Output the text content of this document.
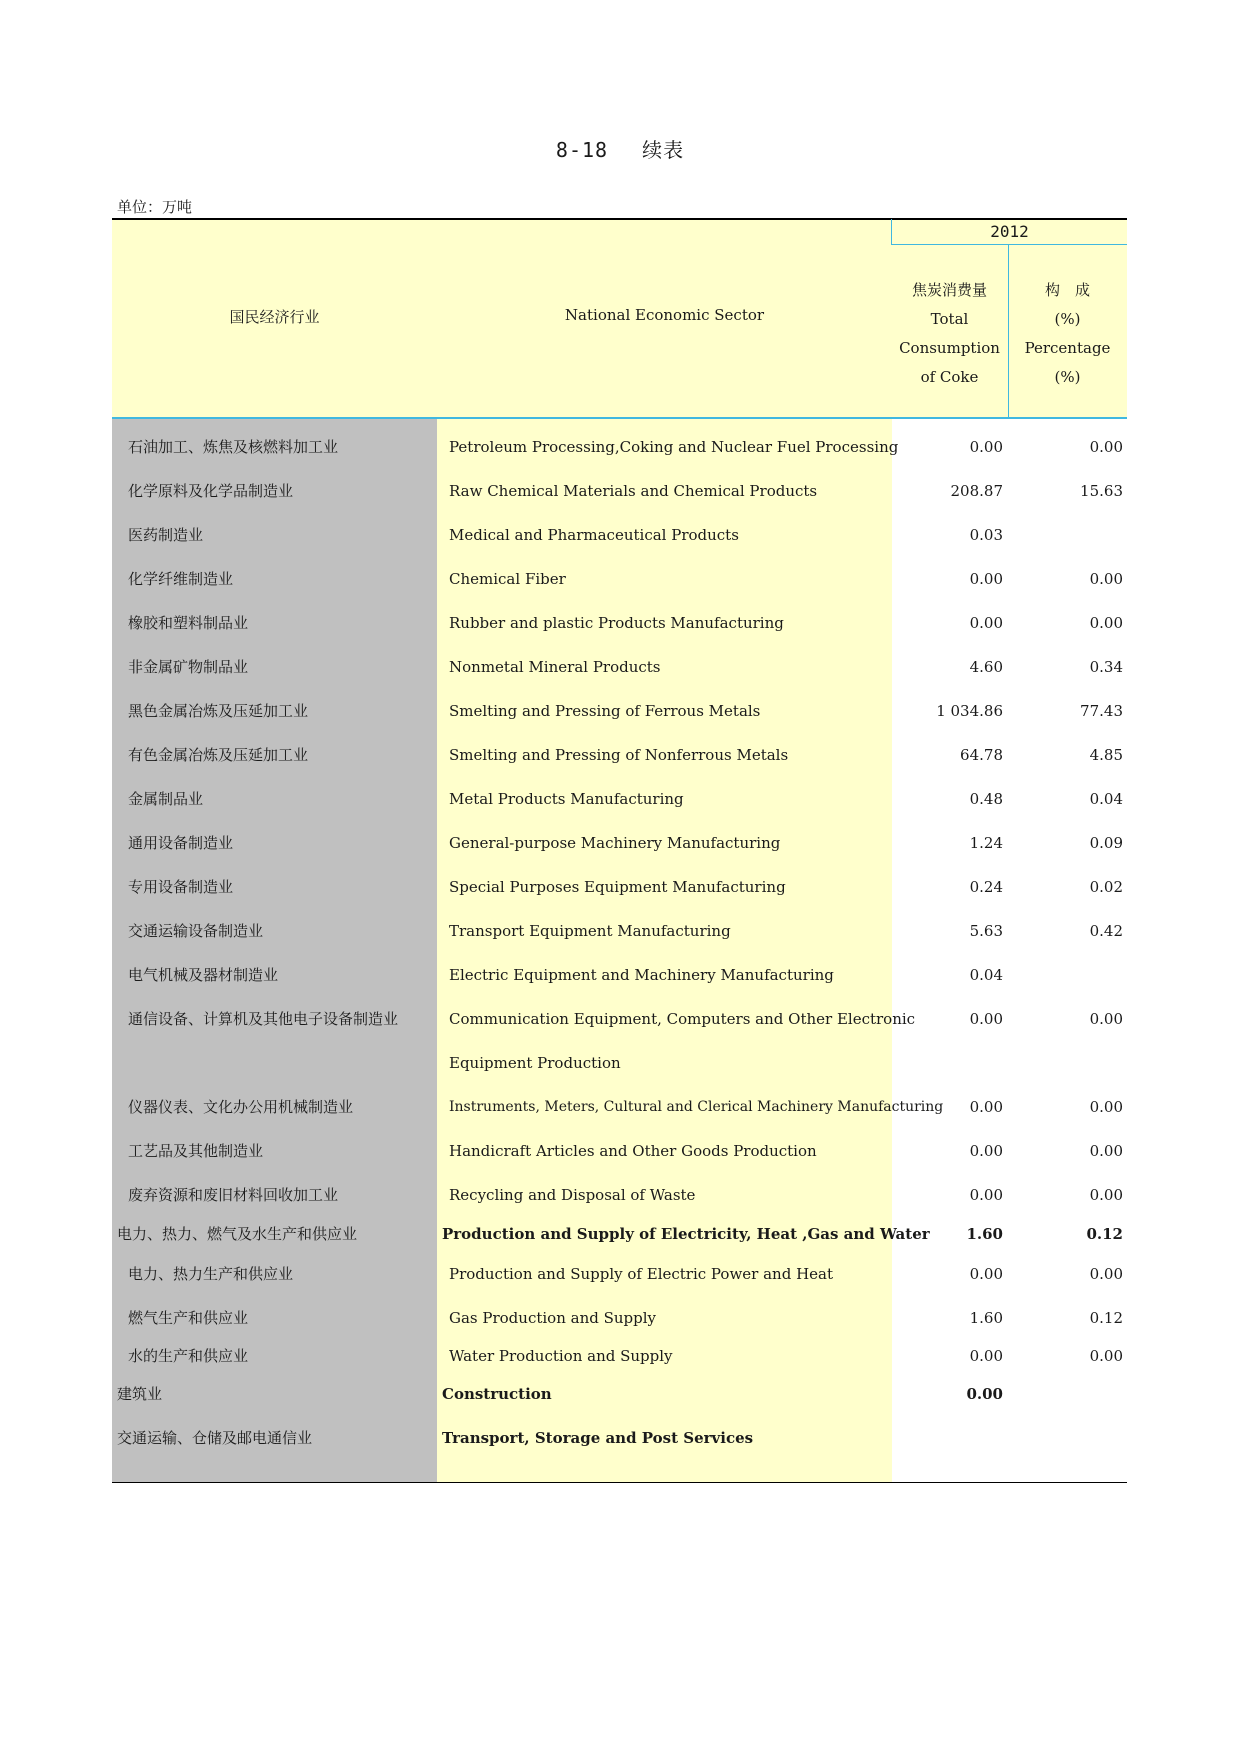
8-18 续表
单位：万吨
2012
国民经济行业	National Economic Sector
焦炭消费量
Total
Consumption
of Coke
构　成
(%)
Percentage
(%)
石油加工、炼焦及核燃料加工业	Petroleum Processing,Coking and Nuclear Fuel Processing	0.00	0.00
化学原料及化学品制造业	Raw Chemical Materials and Chemical Products	208.87	15.63
医药制造业	Medical and Pharmaceutical Products	0.03
化学纤维制造业	Chemical Fiber	0.00	0.00
橡胶和塑料制品业	Rubber and plastic Products Manufacturing	0.00	0.00
非金属矿物制品业	Nonmetal Mineral Products	4.60	0.34
黑色金属冶炼及压延加工业	Smelting and Pressing of Ferrous Metals	1 034.86	77.43
有色金属冶炼及压延加工业	Smelting and Pressing of Nonferrous Metals	64.78	4.85
金属制品业	Metal Products Manufacturing	0.48	0.04
通用设备制造业	General-purpose Machinery Manufacturing	1.24	0.09
专用设备制造业	Special Purposes Equipment Manufacturing	0.24	0.02
交通运输设备制造业	Transport Equipment Manufacturing	5.63	0.42
电气机械及器材制造业	Electric Equipment and Machinery Manufacturing	0.04
通信设备、计算机及其他电子设备制造业	Communication Equipment, Computers and Other Electronic	0.00	0.00
Equipment Production
仪器仪表、文化办公用机械制造业	Instruments, Meters, Cultural and Clerical Machinery Manufacturing 0.00	0.00
工艺品及其他制造业	Handicraft Articles and Other Goods Production	0.00	0.00
废弃资源和废旧材料回收加工业	Recycling and Disposal of Waste	0.00	0.00
电力、热力、燃气及水生产和供应业	Production and Supply of Electricity, Heat ,Gas and Water 1.60	0.12
电力、热力生产和供应业	Production and Supply of Electric Power and Heat	0.00	0.00
燃气生产和供应业	Gas Production and Supply	1.60	0.12
水的生产和供应业	Water Production and Supply	0.00	0.00
建筑业	Construction	0.00
交通运输、仓储及邮电通信业	Transport, Storage and Post Services
